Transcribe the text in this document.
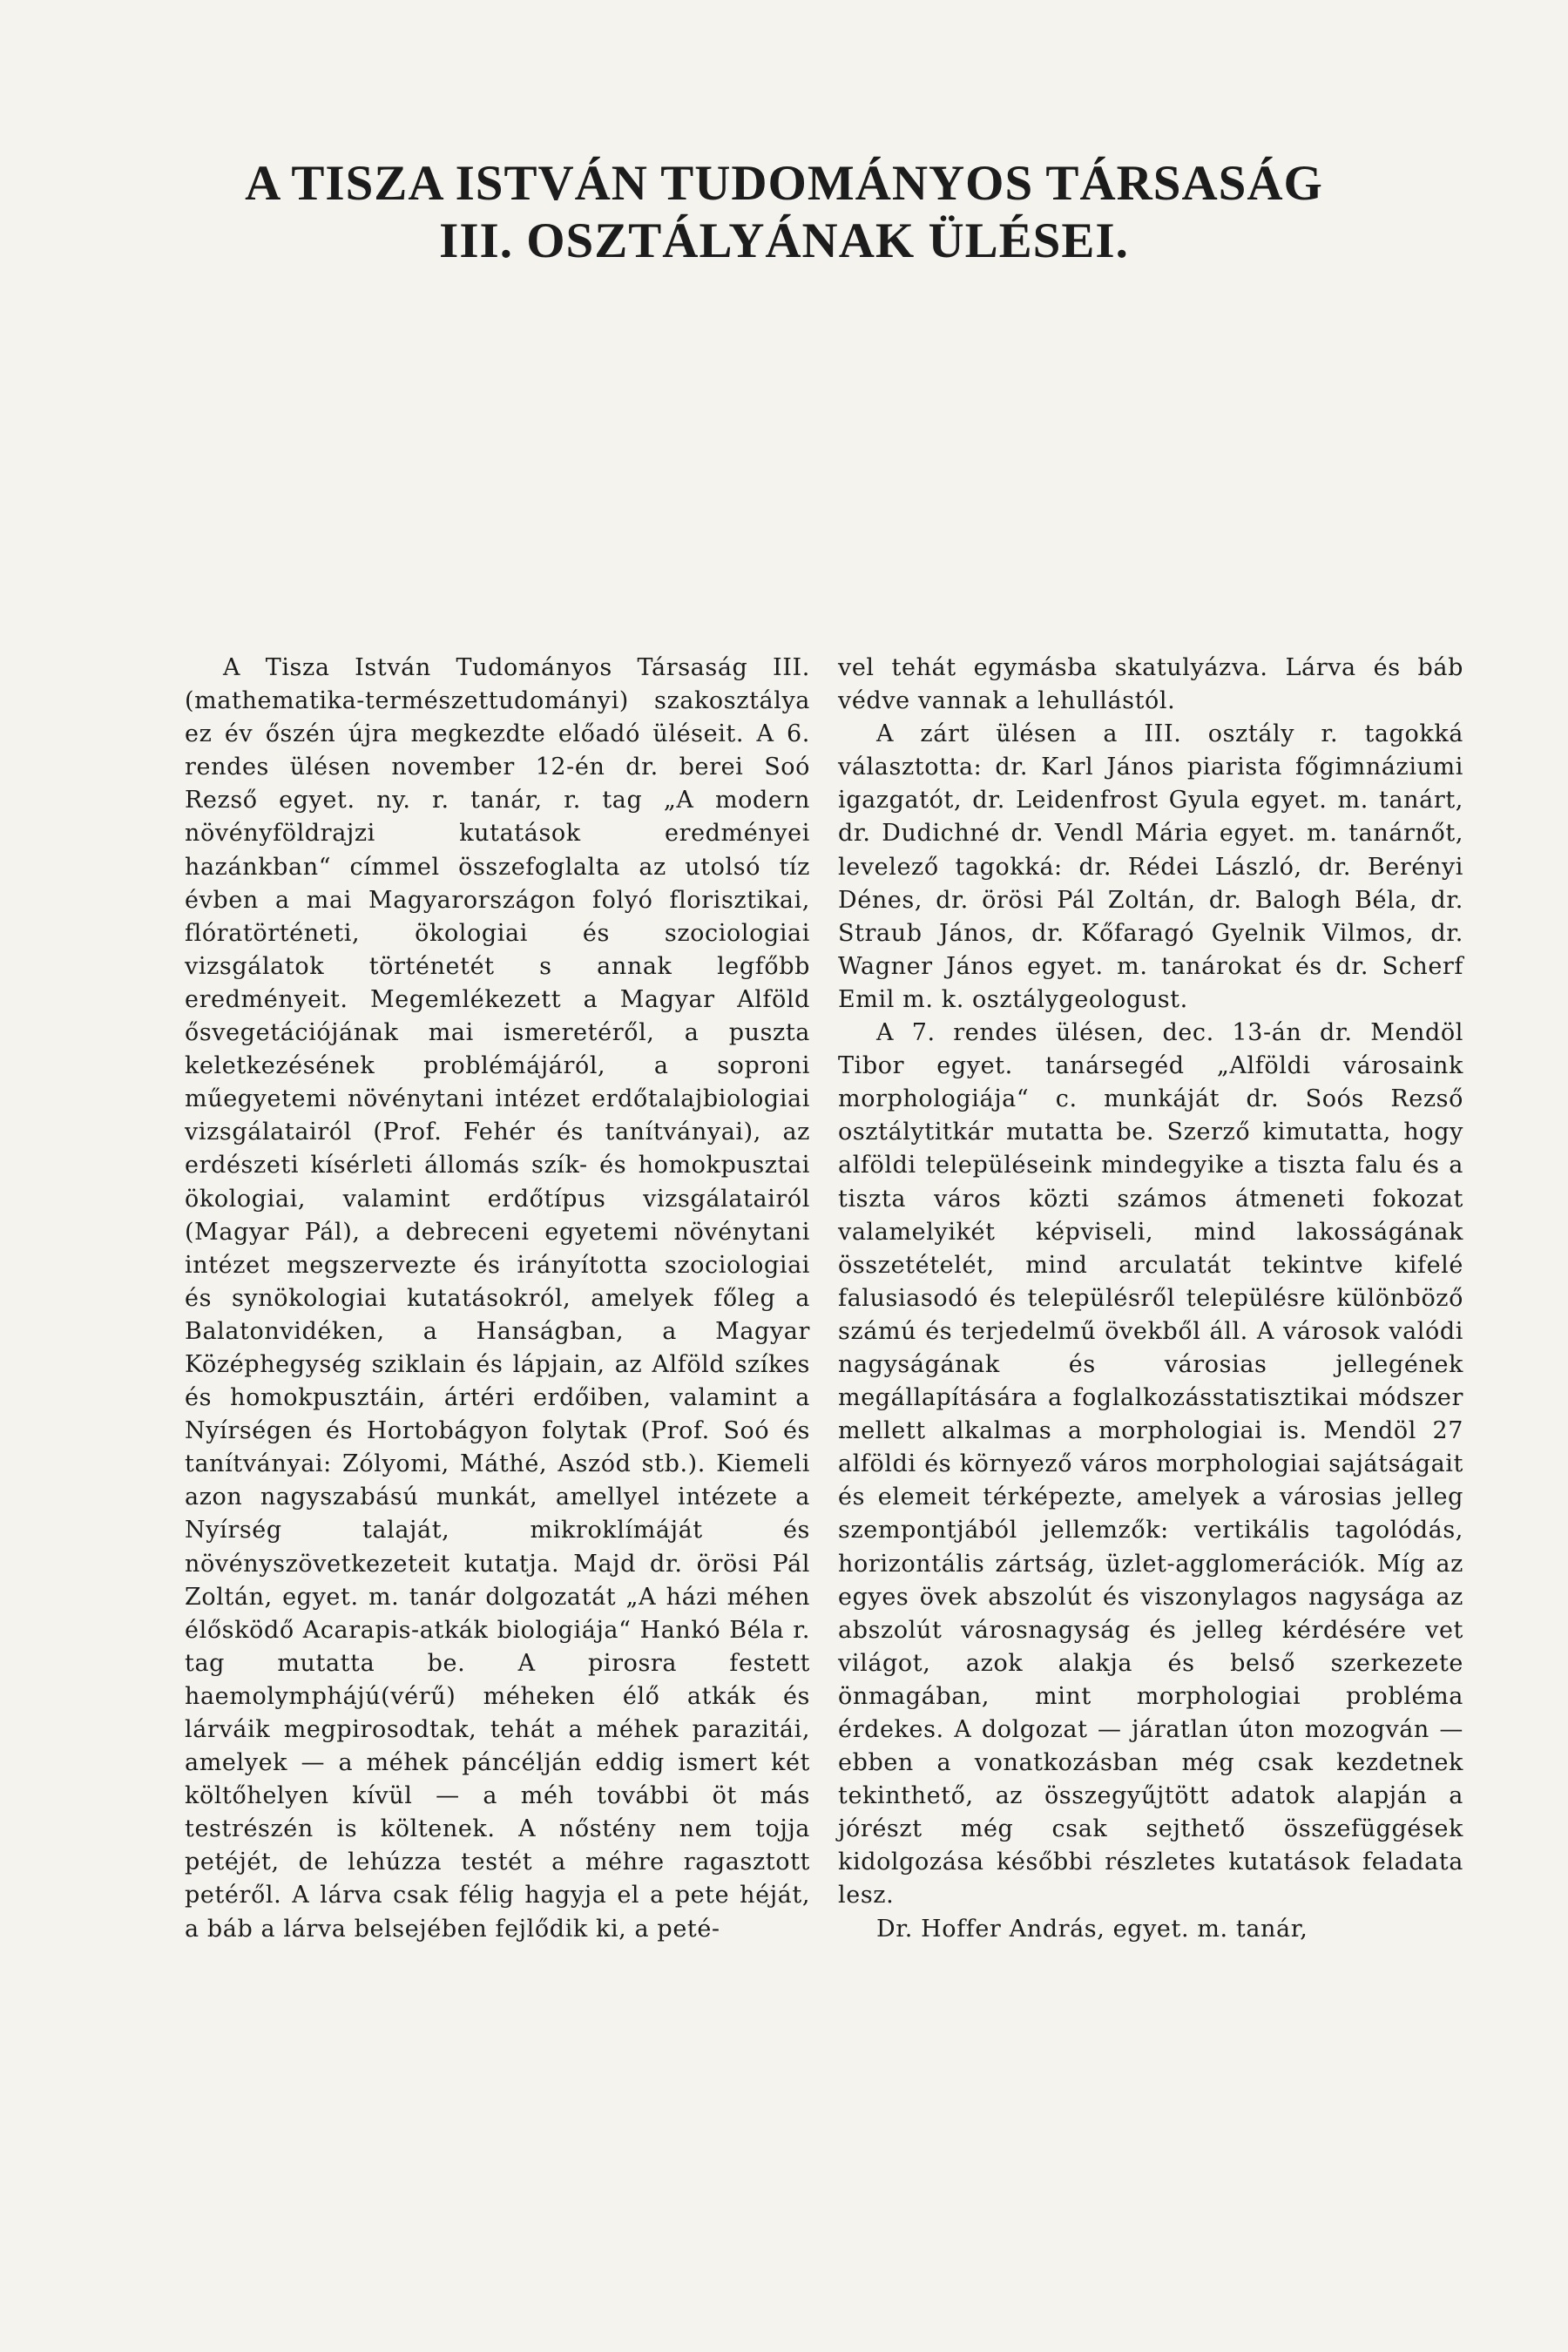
A TISZA ISTVÁN TUDOMÁNYOS TÁRSASÁG
III. OSZTÁLYÁNAK ÜLÉSEI.

A Tisza István Tudományos Társaság III.(mathematika-természettudományi) szakosztálya ez év őszén újra megkezdte előadó üléseit. A 6. rendes ülésen november 12-én dr. berei Soó Rezső egyet. ny. r. tanár, r. tag „A modern növényföldrajzi kutatások eredményei hazánkban“ címmel összefoglalta az utolsó tíz évben a mai Magyarországon folyó florisztikai, flóratörténeti, ökologiai és szociologiai vizsgálatok történetét s annak legfőbb eredményeit. Megemlékezett a Magyar Alföld ősvegetációjának mai ismeretéről, a puszta keletkezésének problémájáról, a soproni műegyetemi növénytani intézet erdőtalajbiologiai vizsgálatairól (Prof. Fehér és tanítványai), az erdészeti kísérleti állomás szík- és homokpusztai ökologiai, valamint erdőtípus vizsgálatairól (Magyar Pál), a debreceni egyetemi növénytani intézet megszervezte és irányította szociologiai és synökologiai kutatásokról, amelyek főleg a Balatonvidéken, a Hanságban, a Magyar Középhegység sziklain és lápjain, az Alföld szíkes és homokpusztáin, ártéri erdőiben, valamint a Nyírségen és Hortobágyon folytak (Prof. Soó és tanítványai: Zólyomi, Máthé, Aszód stb.). Kiemeli azon nagyszabású munkát, amellyel intézete a Nyírség talaját, mikroklímáját és növényszövetkezeteit kutatja. Majd dr. örösi Pál Zoltán, egyet. m. tanár dolgozatát „A házi méhen élősködő Acarapis-atkák biologiája“ Hankó Béla r. tag mutatta be. A pirosra festett haemolymphájú(vérű) méheken élő atkák és lárváik megpirosodtak, tehát a méhek parazitái, amelyek — a méhek páncélján eddig ismert két költőhelyen kívül — a méh további öt más testrészén is költenek. A nőstény nem tojja petéjét, de lehúzza testét a méhre ragasztott petéről. A lárva csak félig hagyja el a pete héját, a báb a lárva belsejében fejlődik ki, a peté-

vel tehát egymásba skatulyázva. Lárva és báb védve vannak a lehullástól.

A zárt ülésen a III. osztály r. tagokká választotta: dr. Karl János piarista főgimnáziumi igazgatót, dr. Leidenfrost Gyula egyet. m. tanárt, dr. Dudichné dr. Vendl Mária egyet. m. tanárnőt, levelező tagokká: dr. Rédei László, dr. Berényi Dénes, dr. örösi Pál Zoltán, dr. Balogh Béla, dr. Straub János, dr. Kőfaragó Gyelnik Vilmos, dr. Wagner János egyet. m. tanárokat és dr. Scherf Emil m. k. osztálygeologust.

A 7. rendes ülésen, dec. 13-án dr. Mendöl Tibor egyet. tanársegéd „Alföldi városaink morphologiája“ c. munkáját dr. Soós Rezső osztálytitkár mutatta be. Szerző kimutatta, hogy alföldi településeink mindegyike a tiszta falu és a tiszta város közti számos átmeneti fokozat valamelyikét képviseli, mind lakosságának összetételét, mind arculatát tekintve kifelé falusiasodó és településről településre különböző számú és terjedelmű övekből áll. A városok valódi nagyságának és városias jellegének megállapítására a foglalkozásstatisztikai módszer mellett alkalmas a morphologiai is. Mendöl 27 alföldi és környező város morphologiai sajátságait és elemeit térképezte, amelyek a városias jelleg szempontjából jellemzők: vertikális tagolódás, horizontális zártság, üzlet-agglomerációk. Míg az egyes övek abszolút és viszonylagos nagysága az abszolút városnagyság és jelleg kérdésére vet világot, azok alakja és belső szerkezete önmagában, mint morphologiai probléma érdekes. A dolgozat — járatlan úton mozogván — ebben a vonatkozásban még csak kezdetnek tekinthető, az összegyűjtött adatok alapján a jórészt még csak sejthető összefüggések kidolgozása későbbi részletes kutatások feladata lesz.

Dr. Hoffer András, egyet. m. tanár,
